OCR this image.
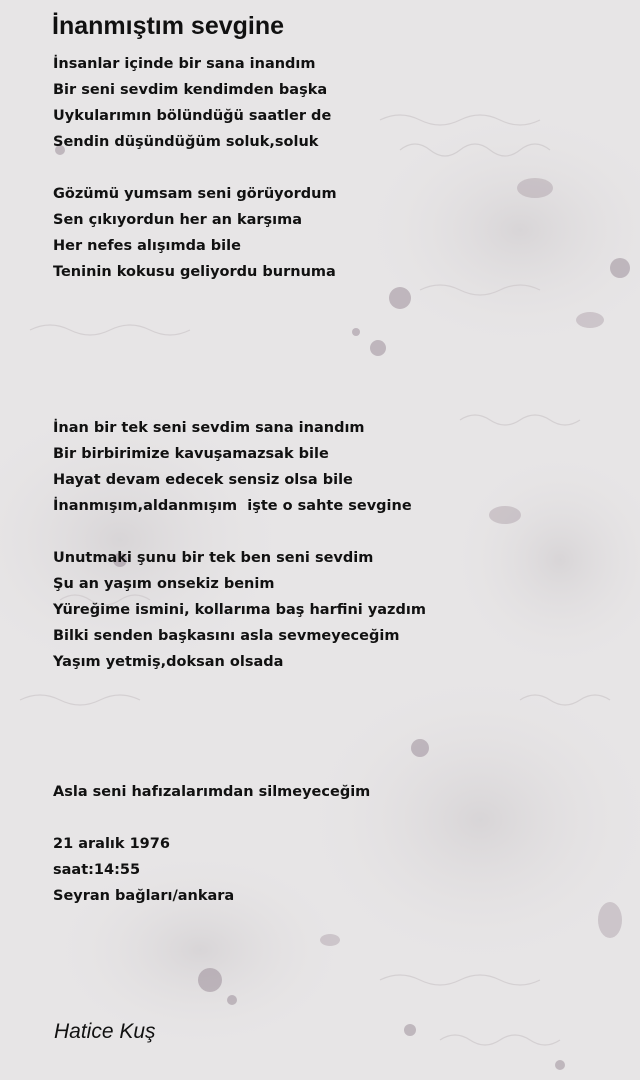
İnanmıştım sevgine
İnsanlar içinde bir sana inandım
Bir seni sevdim kendimden başka
Uykularımın bölündüğü saatler de
Sendin düşündüğüm soluk,soluk
Gözümü yumsam seni görüyordum
Sen çıkıyordun her an karşıma
Her nefes alışımda bile
Teninin kokusu geliyordu burnuma
İnan bir tek seni sevdim sana inandım
Bir birbirimize kavuşamazsak bile
Hayat devam edecek sensiz olsa bile
İnanmışım,aldanmışım  işte o sahte sevgine
Unutmaki şunu bir tek ben seni sevdim
Şu an yaşım onsekiz benim
Yüreğime ismini, kollarıma baş harfini yazdım
Bilki senden başkasını asla sevmeyeceğim
Yaşım yetmiş,doksan olsada
Asla seni hafızalarımdan silmeyeceğim
21 aralık 1976
saat:14:55
Seyran bağları/ankara
Hatice Kuş
